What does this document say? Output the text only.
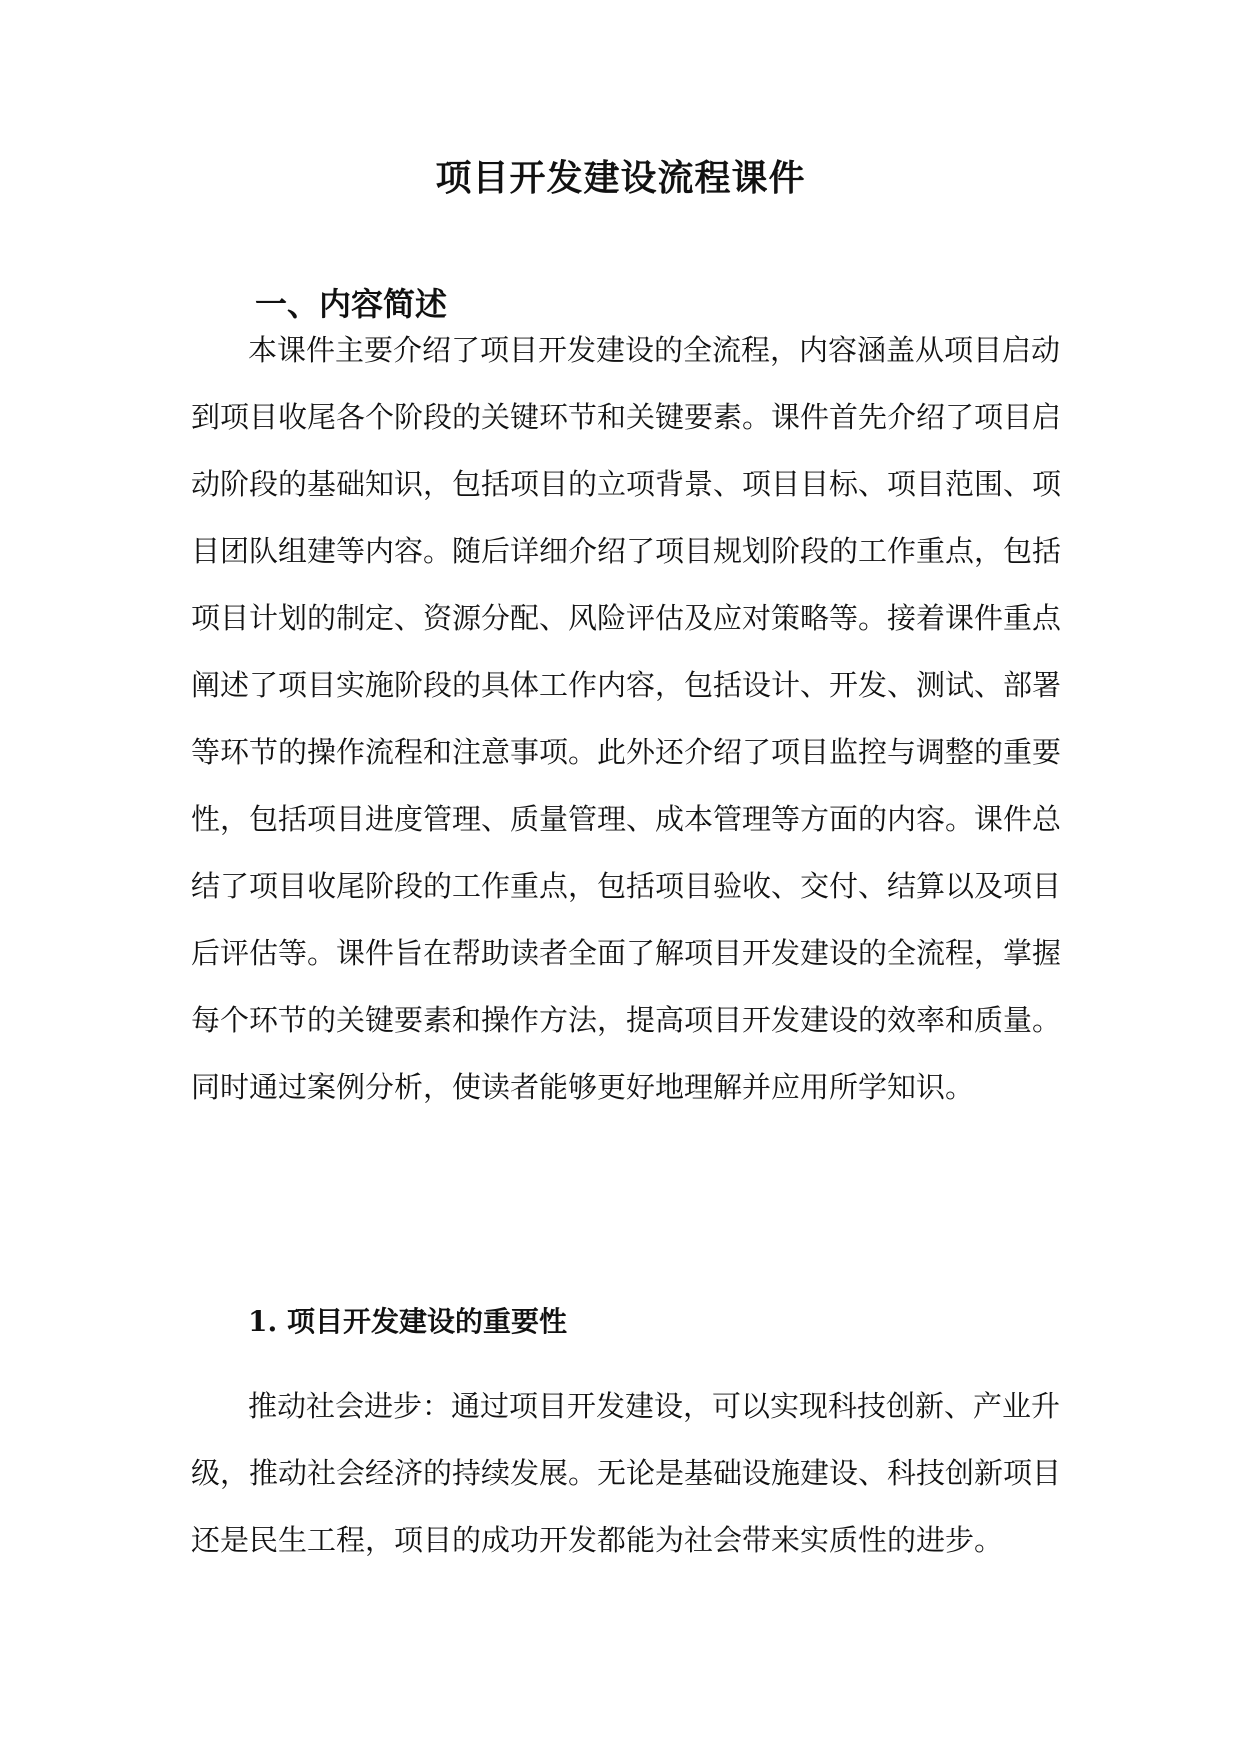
项目开发建设流程课件
一、内容简述

本课件主要介绍了项目开发建设的全流程，内容涵盖从项目启动

到项目收尾各个阶段的关键环节和关键要素。课件首先介绍了项目启

动阶段的基础知识，包括项目的立项背景、项目目标、项目范围、项

目团队组建等内容。随后详细介绍了项目规划阶段的工作重点，包括

项目计划的制定、资源分配、风险评估及应对策略等。接着课件重点

阐述了项目实施阶段的具体工作内容，包括设计、开发、测试、部署

等环节的操作流程和注意事项。此外还介绍了项目监控与调整的重要

性，包括项目进度管理、质量管理、成本管理等方面的内容。课件总

结了项目收尾阶段的工作重点，包括项目验收、交付、结算以及项目

后评估等。课件旨在帮助读者全面了解项目开发建设的全流程，掌握

每个环节的关键要素和操作方法，提高项目开发建设的效率和质量。

同时通过案例分析，使读者能够更好地理解并应用所学知识。

1. 项目开发建设的重要性

推动社会进步：通过项目开发建设，可以实现科技创新、产业升

级，推动社会经济的持续发展。无论是基础设施建设、科技创新项目

还是民生工程，项目的成功开发都能为社会带来实质性的进步。
